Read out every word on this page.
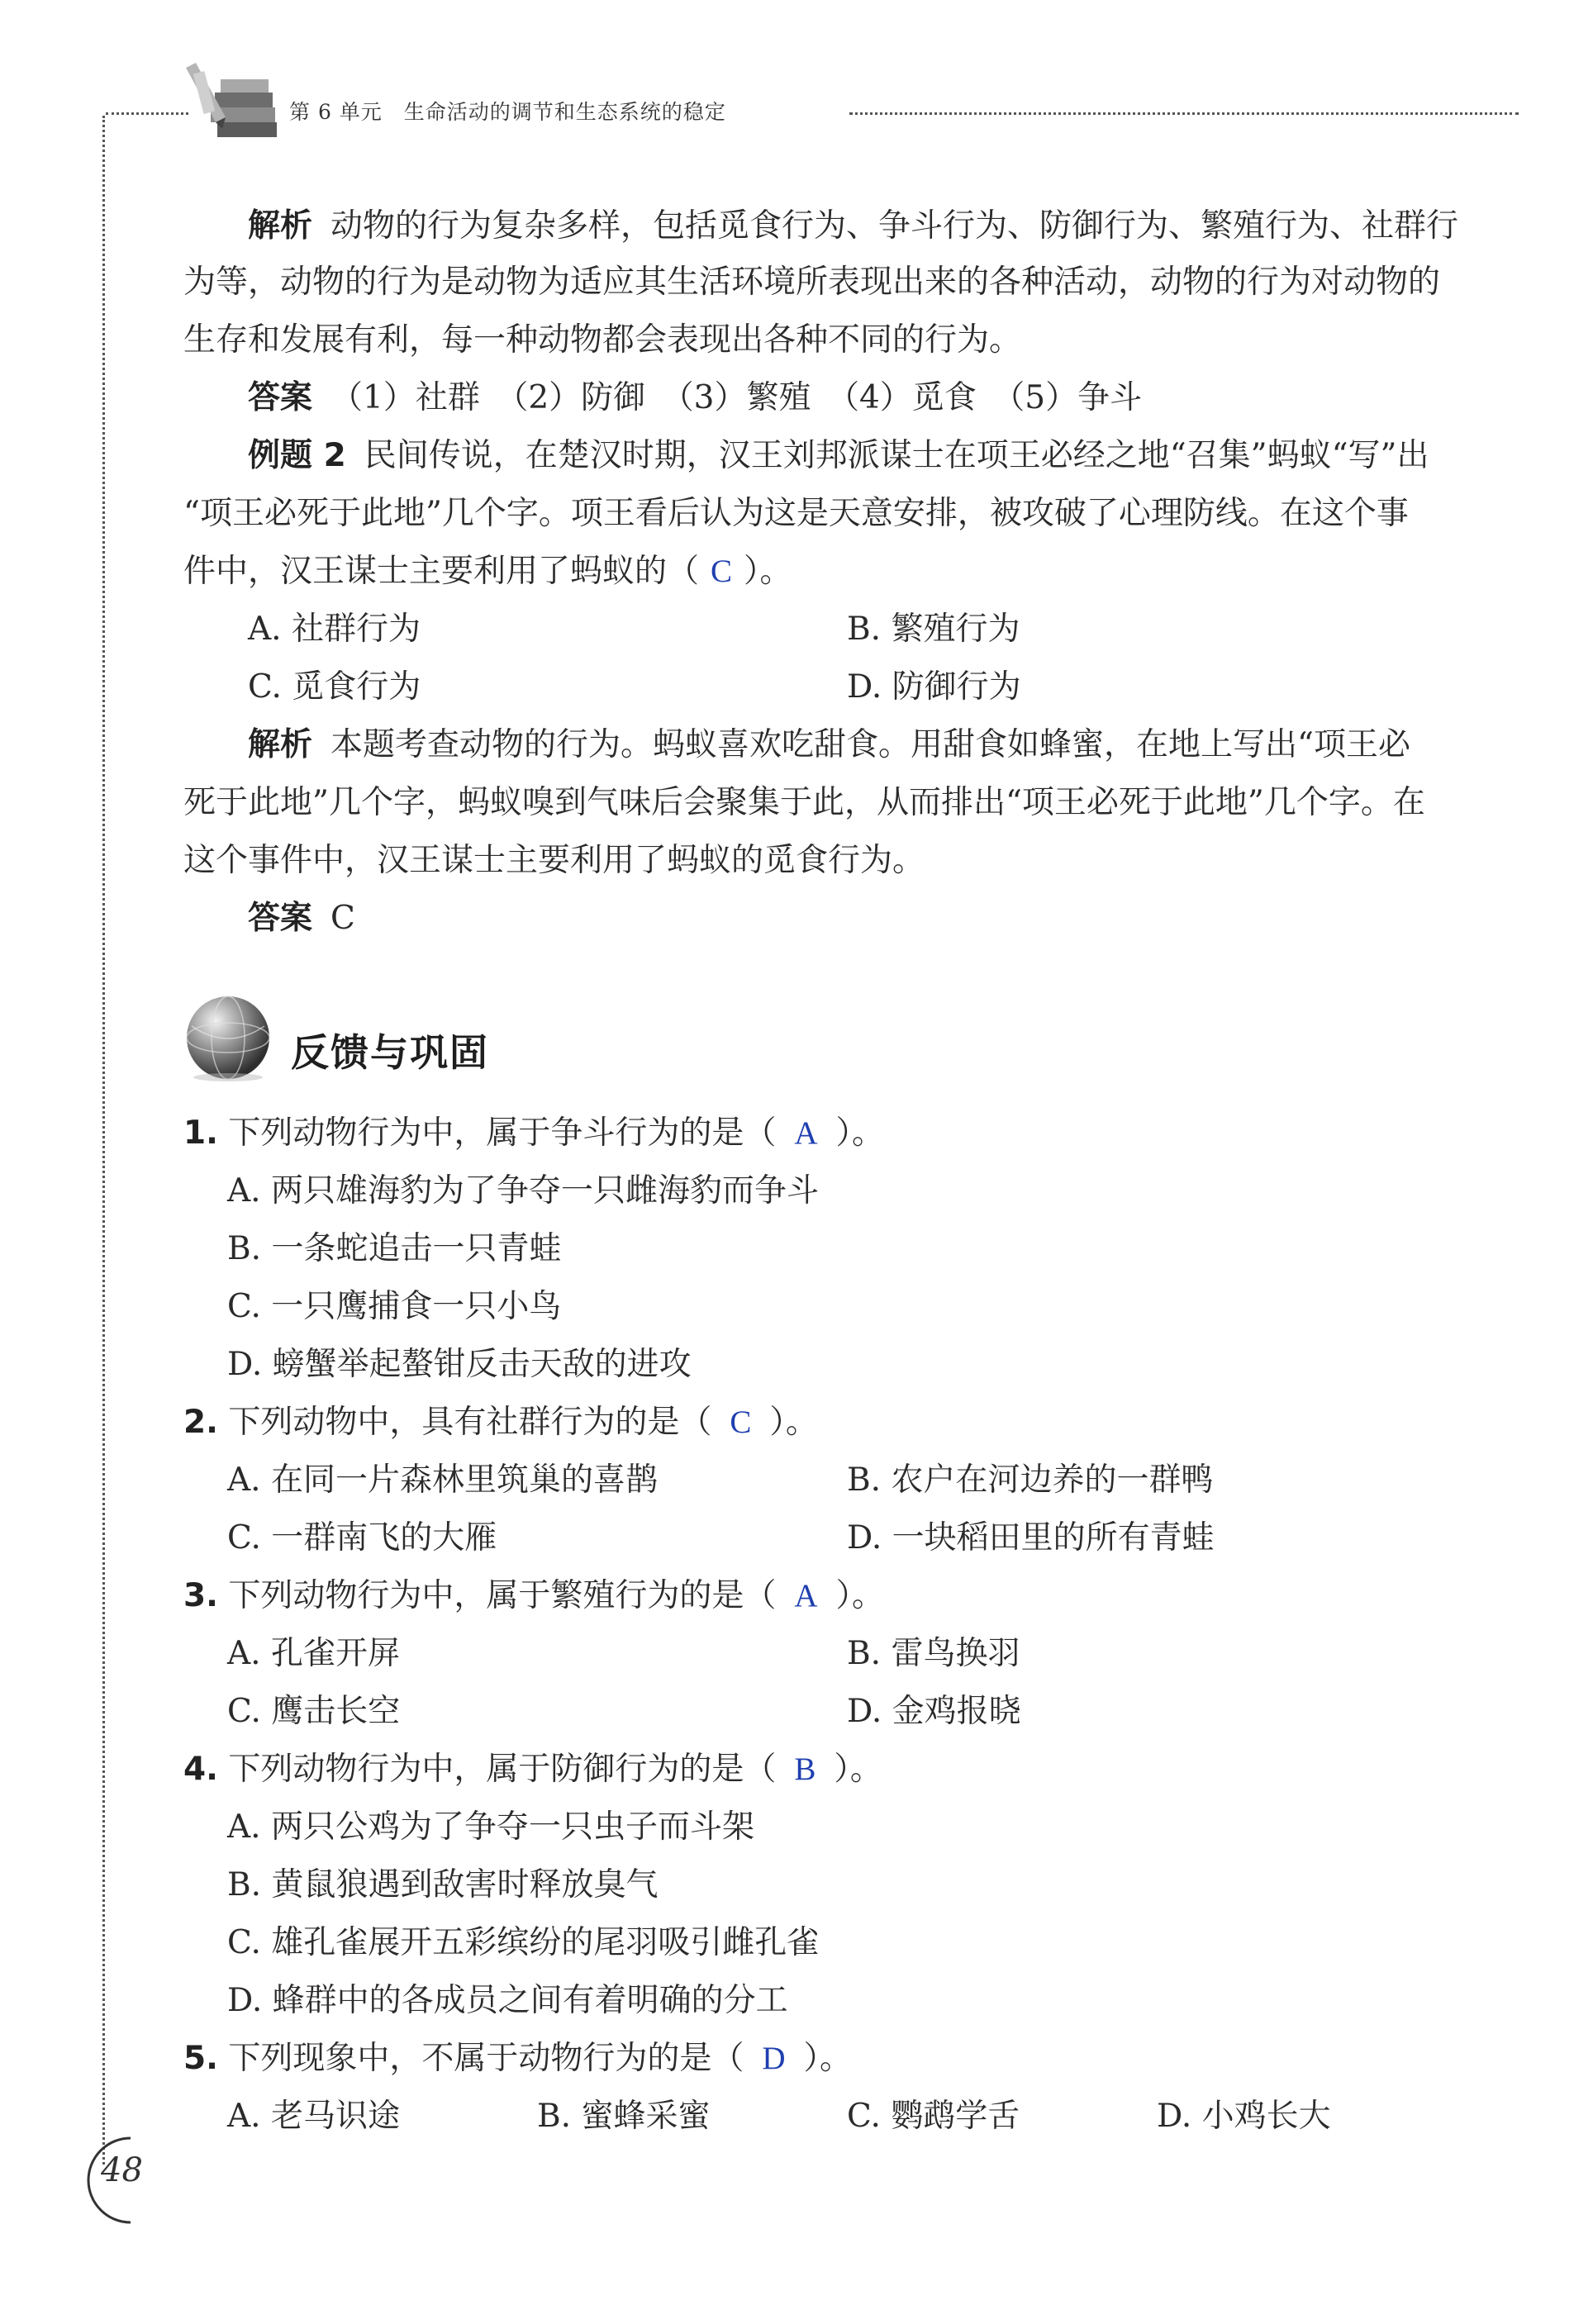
第 6 单元　生命活动的调节和生态系统的稳定
解析 动物的行为复杂多样，包括觅食行为、争斗行为、防御行为、繁殖行为、社群行
为等，动物的行为是动物为适应其生活环境所表现出来的各种活动，动物的行为对动物的
生存和发展有利，每一种动物都会表现出各种不同的行为。
答案 （1）社群　（2）防御　（3）繁殖　（4）觅食　（5）争斗
例题 2 民间传说，在楚汉时期，汉王刘邦派谋士在项王必经之地“召集”蚂蚁“写”出
“项王必死于此地”几个字。项王看后认为这是天意安排，被攻破了心理防线。在这个事
件中，汉王谋士主要利用了蚂蚁的（ C ）。
A. 社群行为	B. 繁殖行为
C. 觅食行为	D. 防御行为
解析 本题考查动物的行为。蚂蚁喜欢吃甜食。用甜食如蜂蜜，在地上写出“项王必
死于此地”几个字，蚂蚁嗅到气味后会聚集于此，从而排出“项王必死于此地”几个字。在
这个事件中，汉王谋士主要利用了蚂蚁的觅食行为。
答案 C
反馈与巩固
1. 下列动物行为中，属于争斗行为的是（ A ）。
A. 两只雄海豹为了争夺一只雌海豹而争斗
B. 一条蛇追击一只青蛙
C. 一只鹰捕食一只小鸟
D. 螃蟹举起螯钳反击天敌的进攻
2. 下列动物中，具有社群行为的是（ C ）。
A. 在同一片森林里筑巢的喜鹊	B. 农户在河边养的一群鸭
C. 一群南飞的大雁	D. 一块稻田里的所有青蛙
3. 下列动物行为中，属于繁殖行为的是（ A ）。
A. 孔雀开屏	B. 雷鸟换羽
C. 鹰击长空	D. 金鸡报晓
4. 下列动物行为中，属于防御行为的是（ B ）。
A. 两只公鸡为了争夺一只虫子而斗架
B. 黄鼠狼遇到敌害时释放臭气
C. 雄孔雀展开五彩缤纷的尾羽吸引雌孔雀
D. 蜂群中的各成员之间有着明确的分工
5. 下列现象中，不属于动物行为的是（ D ）。
A. 老马识途	B. 蜜蜂采蜜	C. 鹦鹉学舌	D. 小鸡长大
48
